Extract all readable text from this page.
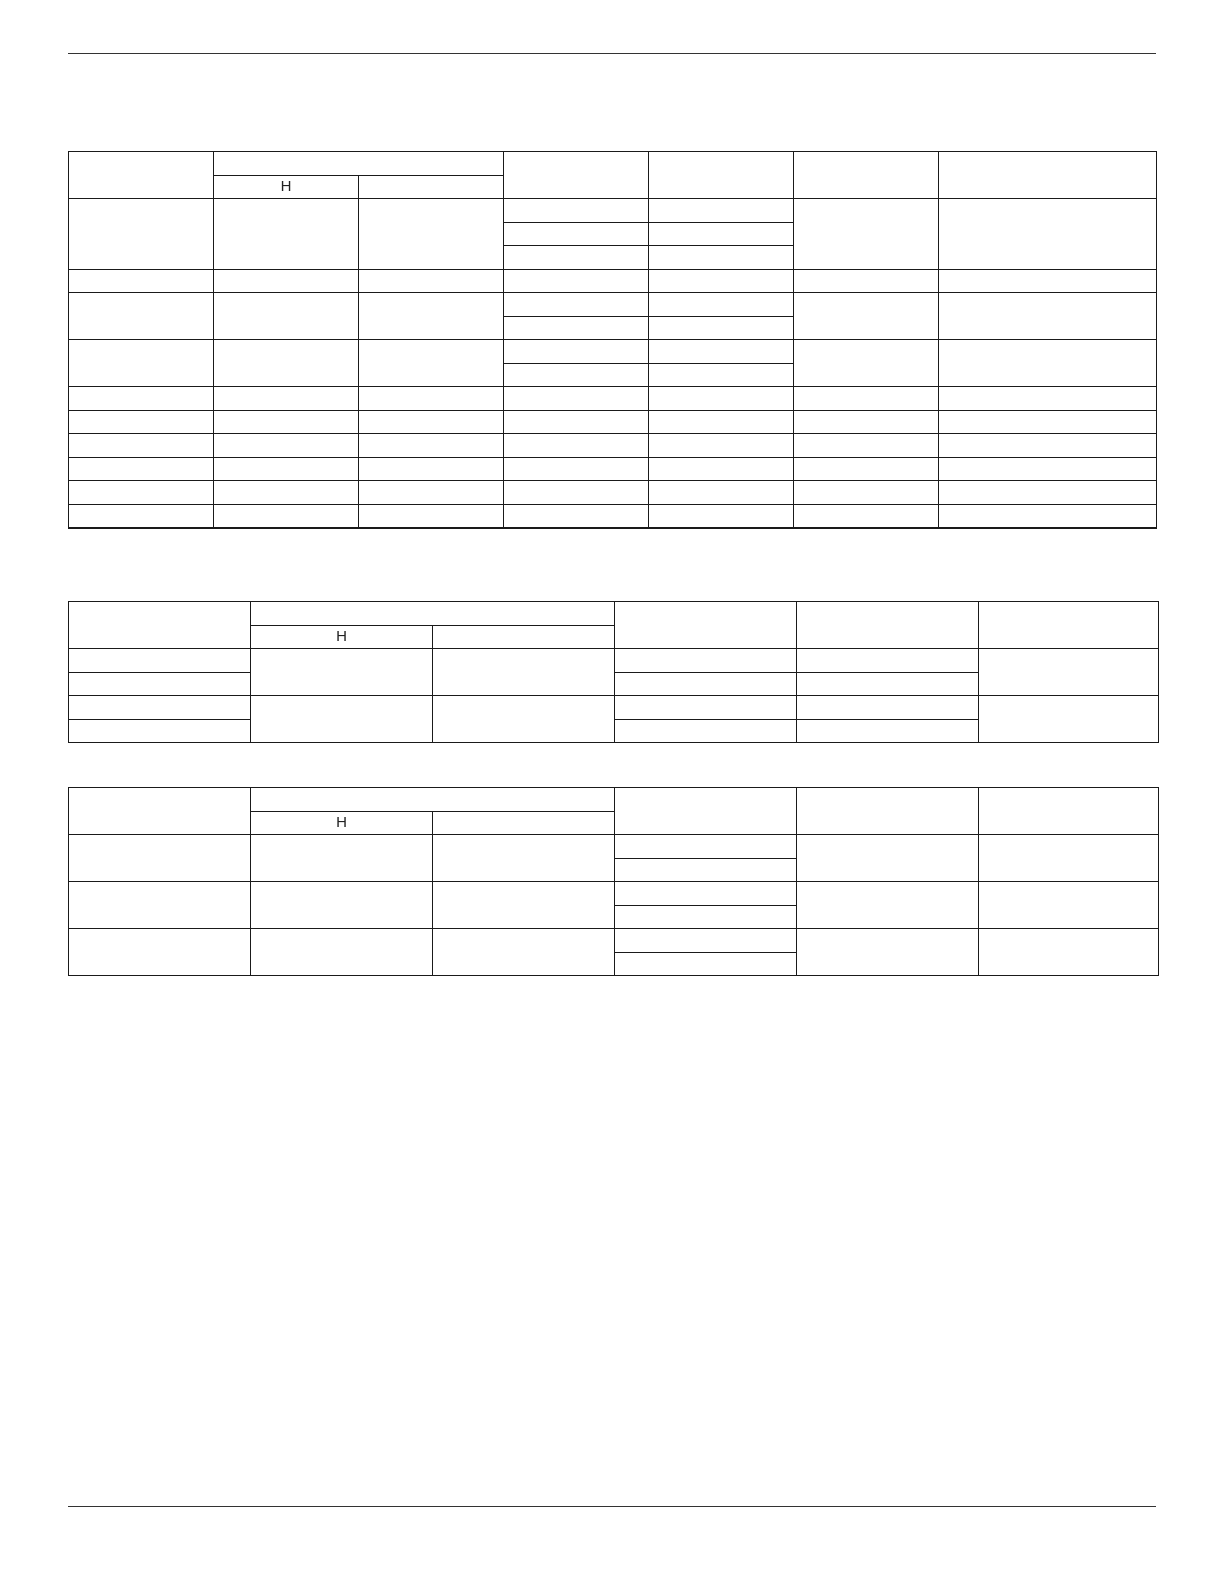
	H					

	H				

	H				
